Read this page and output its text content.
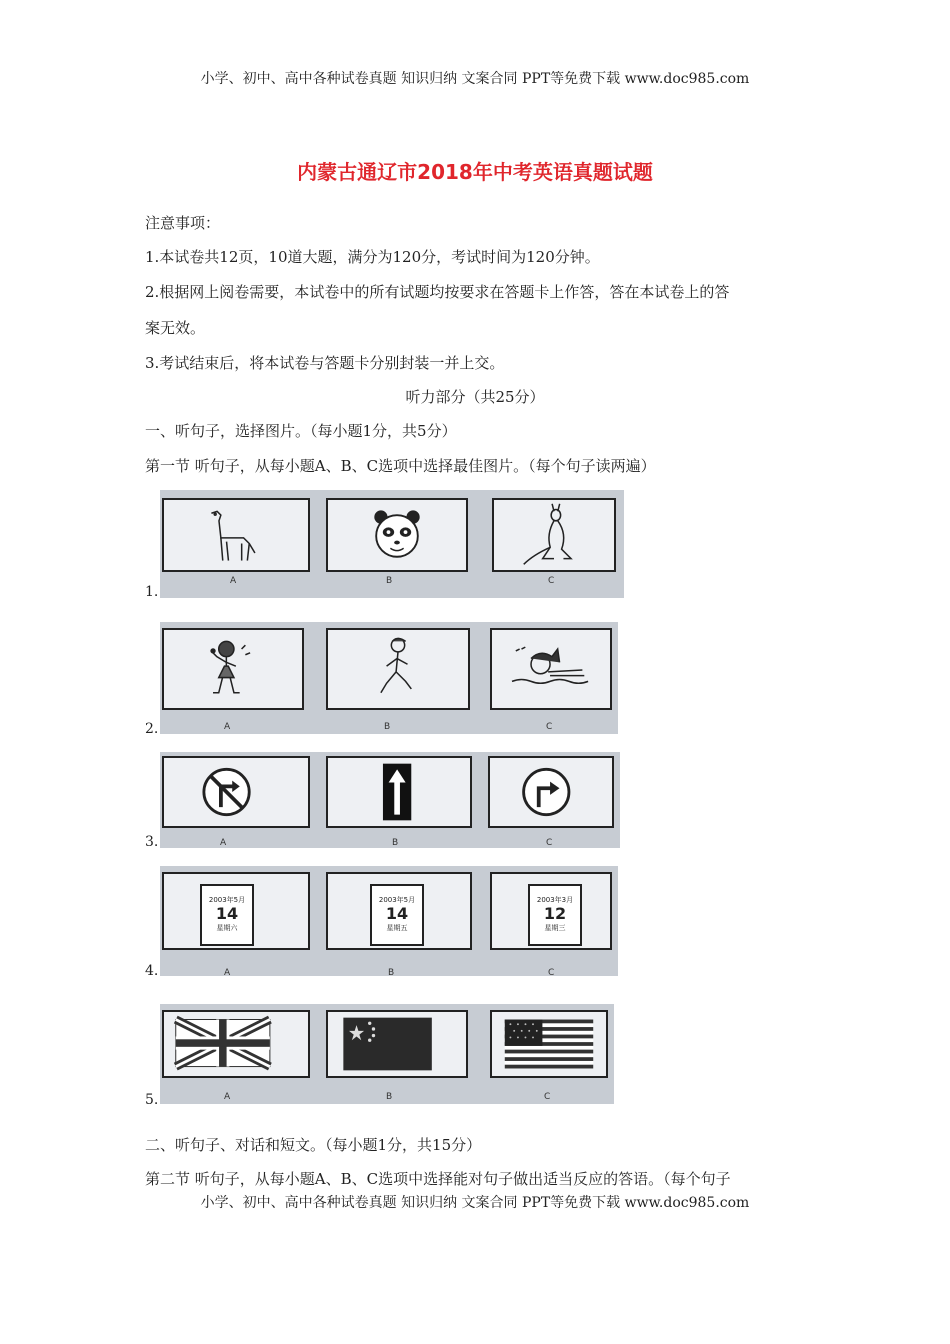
小学、初中、高中各种试卷真题 知识归纳 文案合同 PPT等免费下载 www.doc985.com
内蒙古通辽市2018年中考英语真题试题
注意事项：
1.本试卷共12页，10道大题，满分为120分，考试时间为120分钟。
2.根据网上阅卷需要，本试卷中的所有试题均按要求在答题卡上作答，答在本试卷上的答
案无效。
3.考试结束后，将本试卷与答题卡分别封装一并上交。
听力部分（共25分）
一、听句子，选择图片。（每小题1分，共5分）
第一节 听句子，从每小题A、B、C选项中选择最佳图片。（每个句子读两遍）
1.
A	B	C
2.	A	B	C
3.	A	B	C
4.
2003年5月
14
星期六
A
2003年5月
14
星期五
B
2003年3月
12
星期三
C
5.	A	B	C
二、听句子、对话和短文。（每小题1分，共15分）
第二节 听句子，从每小题A、B、C选项中选择能对句子做出适当反应的答语。（每个句子
小学、初中、高中各种试卷真题 知识归纳 文案合同 PPT等免费下载 www.doc985.com
